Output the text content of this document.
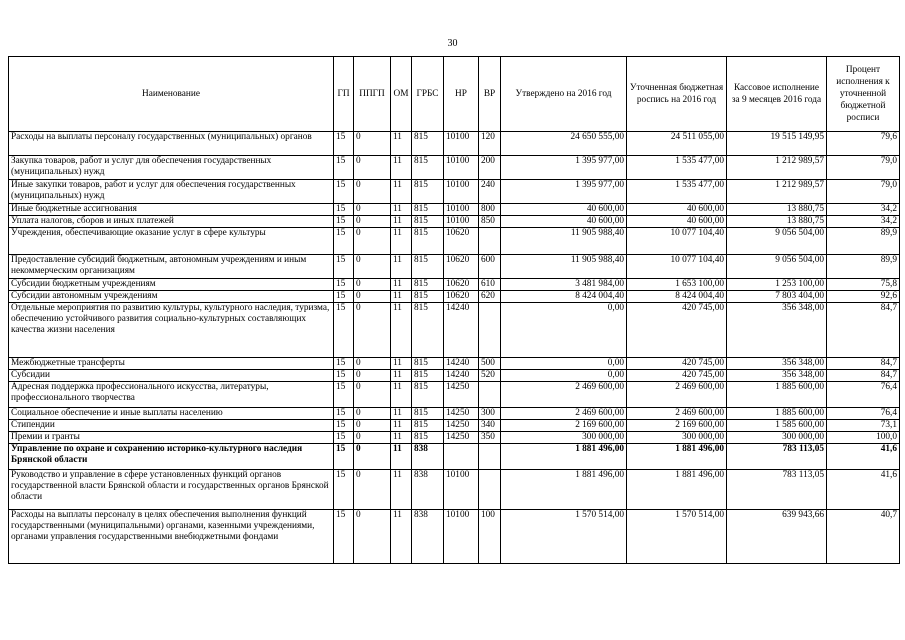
30
Наименование	ГП	ППГП	ОМ	ГРБС	НР	ВР	Утверждено на 2016 год	Уточненная бюджетная роспись на 2016 год	Кассовое исполнение за 9 месяцев 2016 года	Процент исполнения к уточненной бюджетной росписи
Расходы на выплаты персоналу государственных (муниципальных) органов	15	0	11	815	10100	120	24 650 555,00	24 511 055,00	19 515 149,95	79,6
Закупка товаров, работ и услуг для обеспечения государственных (муниципальных) нужд	15	0	11	815	10100	200	1 395 977,00	1 535 477,00	1 212 989,57	79,0
Иные закупки товаров, работ и услуг для обеспечения государственных (муниципальных) нужд	15	0	11	815	10100	240	1 395 977,00	1 535 477,00	1 212 989,57	79,0
Иные бюджетные ассигнования	15	0	11	815	10100	800	40 600,00	40 600,00	13 880,75	34,2
Уплата налогов, сборов и иных платежей	15	0	11	815	10100	850	40 600,00	40 600,00	13 880,75	34,2
Учреждения, обеспечивающие оказание услуг в сфере культуры	15	0	11	815	10620		11 905 988,40	10 077 104,40	9 056 504,00	89,9
Предоставление субсидий бюджетным, автономным учреждениям и иным некоммерческим организациям	15	0	11	815	10620	600	11 905 988,40	10 077 104,40	9 056 504,00	89,9
Субсидии бюджетным учреждениям	15	0	11	815	10620	610	3 481 984,00	1 653 100,00	1 253 100,00	75,8
Субсидии автономным учреждениям	15	0	11	815	10620	620	8 424 004,40	8 424 004,40	7 803 404,00	92,6
Отдельные мероприятия по развитию культуры, культурного наследия, туризма, обеспечению устойчивого развития социально-культурных составляющих качества жизни населения	15	0	11	815	14240		0,00	420 745,00	356 348,00	84,7
Межбюджетные трансферты	15	0	11	815	14240	500	0,00	420 745,00	356 348,00	84,7
Субсидии	15	0	11	815	14240	520	0,00	420 745,00	356 348,00	84,7
Адресная поддержка профессионального искусства, литературы, профессионального творчества	15	0	11	815	14250		2 469 600,00	2 469 600,00	1 885 600,00	76,4
Социальное обеспечение и иные выплаты населению	15	0	11	815	14250	300	2 469 600,00	2 469 600,00	1 885 600,00	76,4
Стипендии	15	0	11	815	14250	340	2 169 600,00	2 169 600,00	1 585 600,00	73,1
Премии и гранты	15	0	11	815	14250	350	300 000,00	300 000,00	300 000,00	100,0
Управление по охране и сохранению историко-культурного наследия Брянской области	15	0	11	838			1 881 496,00	1 881 496,00	783 113,05	41,6
Руководство и управление в сфере установленных функций органов государственной власти Брянской области и государственных органов Брянской области	15	0	11	838	10100		1 881 496,00	1 881 496,00	783 113,05	41,6
Расходы на выплаты персоналу в целях обеспечения выполнения функций государственными (муниципальными) органами, казенными учреждениями, органами управления государственными внебюджетными фондами	15	0	11	838	10100	100	1 570 514,00	1 570 514,00	639 943,66	40,7
